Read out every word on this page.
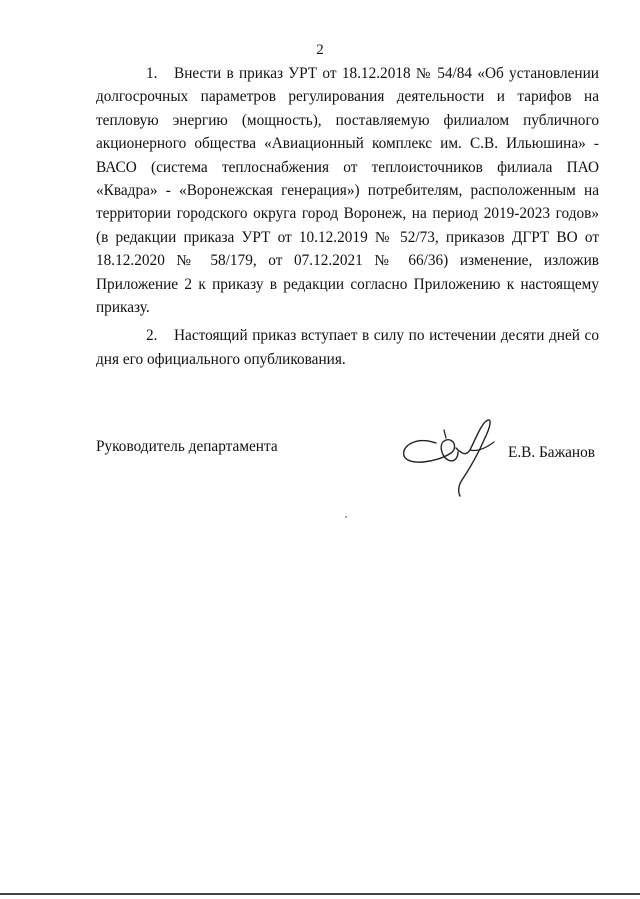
2

1. Внести в приказ УРТ от 18.12.2018 № 54/84 «Об установлении долгосрочных параметров регулирования деятельности и тарифов на тепловую энергию (мощность), поставляемую филиалом публичного акционерного общества «Авиационный комплекс им. С.В. Ильюшина» - ВАСО (система теплоснабжения от теплоисточников филиала ПАО «Квадра» - «Воронежская генерация») потребителям, расположенным на территории городского округа город Воронеж, на период 2019-2023 годов» (в редакции приказа УРТ от 10.12.2019 № 52/73, приказов ДГРТ ВО от 18.12.2020 № 58/179, от 07.12.2021 № 66/36) изменение, изложив Приложение 2 к приказу в редакции согласно Приложению к настоящему приказу.

2. Настоящий приказ вступает в силу по истечении десяти дней со дня его официального опубликования.

Руководитель департамента	Е.В. Бажанов
